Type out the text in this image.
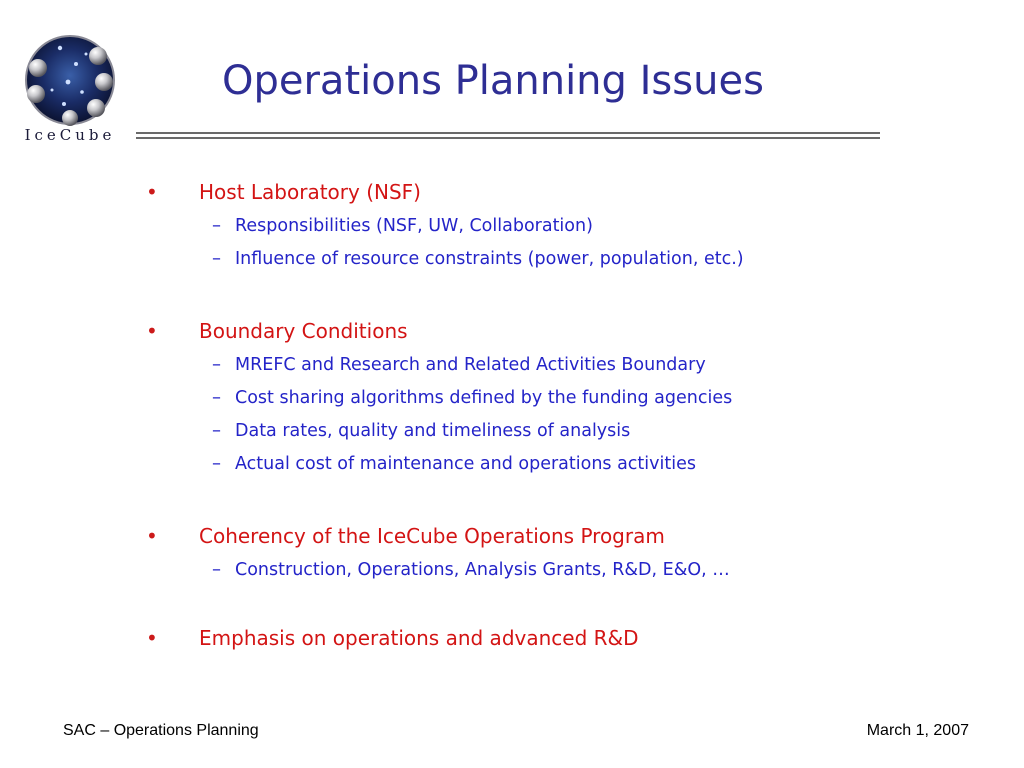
IceCube
Operations Planning Issues
• Host Laboratory (NSF)
– Responsibilities (NSF, UW, Collaboration)
– Influence of resource constraints (power, population, etc.)
• Boundary Conditions
– MREFC and Research and Related Activities Boundary
– Cost sharing algorithms defined by the funding agencies
– Data rates, quality and timeliness of analysis
– Actual cost of maintenance and operations activities
• Coherency of the IceCube Operations Program
– Construction, Operations, Analysis Grants, R&D, E&O, …
• Emphasis on operations and advanced R&D
SAC – Operations Planning	March 1, 2007
